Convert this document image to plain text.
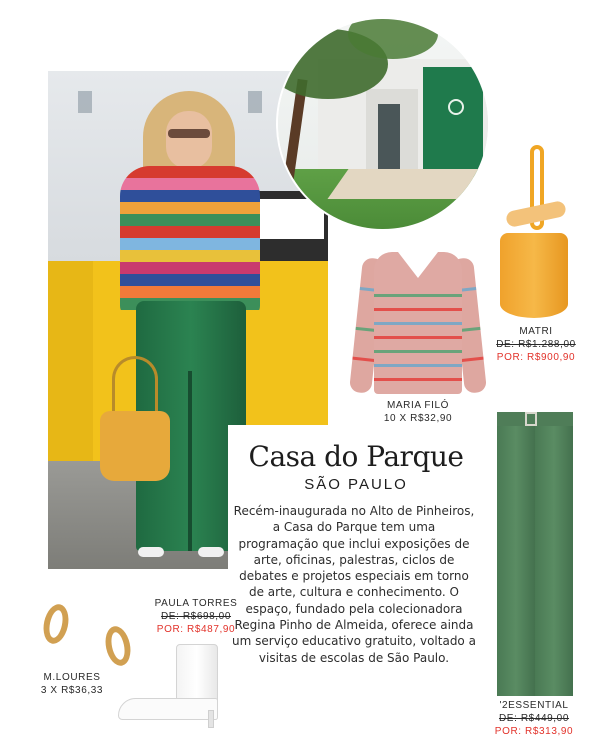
MATRI
DE: R$1.288,00
POR: R$900,90
MARIA FILÓ
10 X R$32,90
'2ESSENTIAL
DE: R$449,00
POR: R$313,90
Casa do Parque
SÃO PAULO
Recém-inaugurada no Alto de Pinheiros, a Casa do Parque tem uma programação que inclui exposições de arte, oficinas, palestras, ciclos de debates e projetos especiais em torno de arte, cultura e conhecimento. O espaço, fundado pela colecionadora Regina Pinho de Almeida, oferece ainda um serviço educativo gratuito, voltado a visitas de escolas de São Paulo.
PAULA TORRES
DE: R$698,00
POR: R$487,90
M.LOURES
3 X R$36,33
